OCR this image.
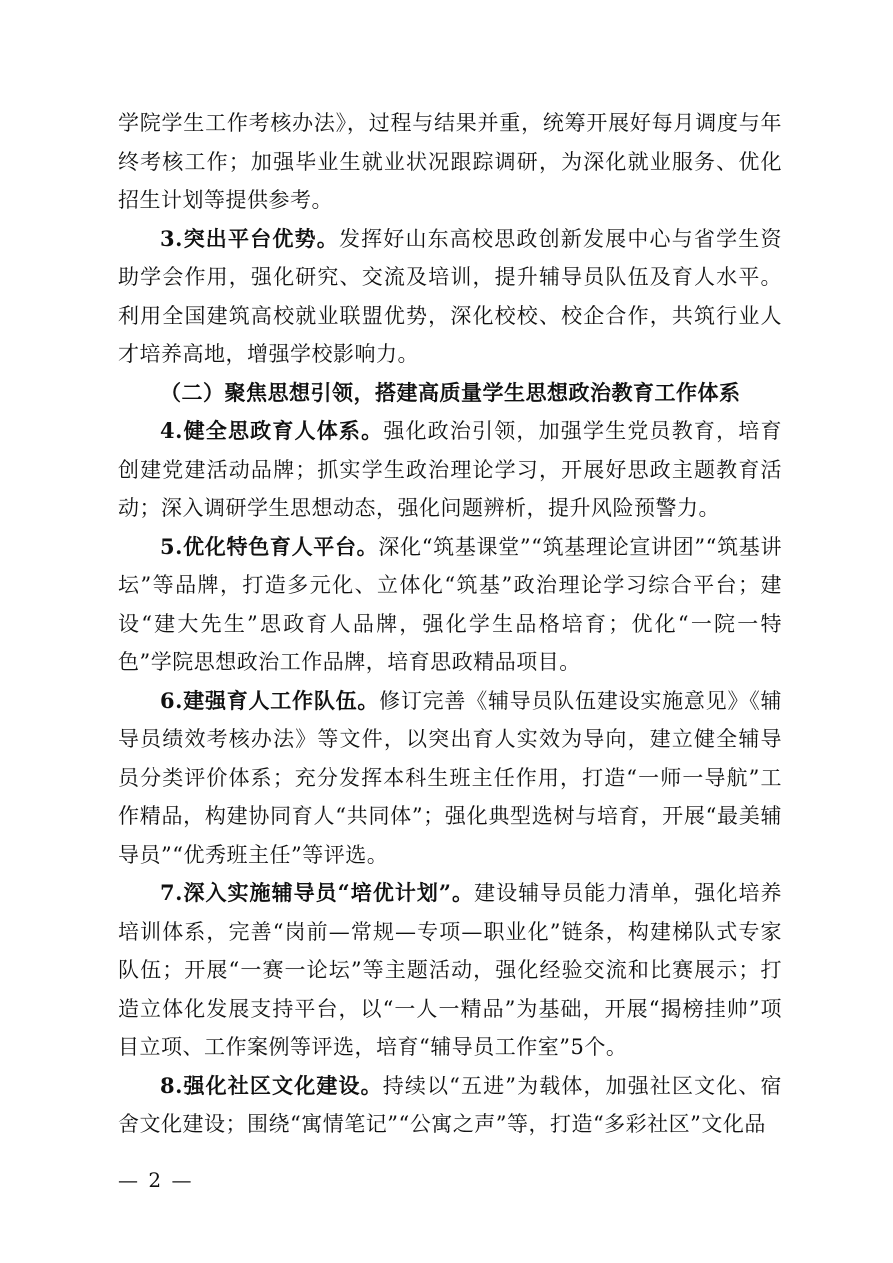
学院学生工作考核办法》，过程与结果并重，统筹开展好每月调度与年终考核工作；加强毕业生就业状况跟踪调研，为深化就业服务、优化招生计划等提供参考。

3.突出平台优势。发挥好山东高校思政创新发展中心与省学生资助学会作用，强化研究、交流及培训，提升辅导员队伍及育人水平。利用全国建筑高校就业联盟优势，深化校校、校企合作，共筑行业人才培养高地，增强学校影响力。

（二）聚焦思想引领，搭建高质量学生思想政治教育工作体系

4.健全思政育人体系。强化政治引领，加强学生党员教育，培育创建党建活动品牌；抓实学生政治理论学习，开展好思政主题教育活动；深入调研学生思想动态，强化问题辨析，提升风险预警力。

5.优化特色育人平台。深化“筑基课堂”“筑基理论宣讲团”“筑基讲坛”等品牌，打造多元化、立体化“筑基”政治理论学习综合平台；建设“建大先生”思政育人品牌，强化学生品格培育；优化“一院一特色”学院思想政治工作品牌，培育思政精品项目。

6.建强育人工作队伍。修订完善《辅导员队伍建设实施意见》《辅导员绩效考核办法》等文件，以突出育人实效为导向，建立健全辅导员分类评价体系；充分发挥本科生班主任作用，打造“一师一导航”工作精品，构建协同育人“共同体”；强化典型选树与培育，开展“最美辅导员”“优秀班主任”等评选。

7.深入实施辅导员“培优计划”。建设辅导员能力清单，强化培养培训体系，完善“岗前—常规—专项—职业化”链条，构建梯队式专家队伍；开展“一赛一论坛”等主题活动，强化经验交流和比赛展示；打造立体化发展支持平台，以“一人一精品”为基础，开展“揭榜挂帅”项目立项、工作案例等评选，培育“辅导员工作室”5个。

8.强化社区文化建设。持续以“五进”为载体，加强社区文化、宿舍文化建设；围绕“寓情笔记”“公寓之声”等，打造“多彩社区”文化品

— 2 —
